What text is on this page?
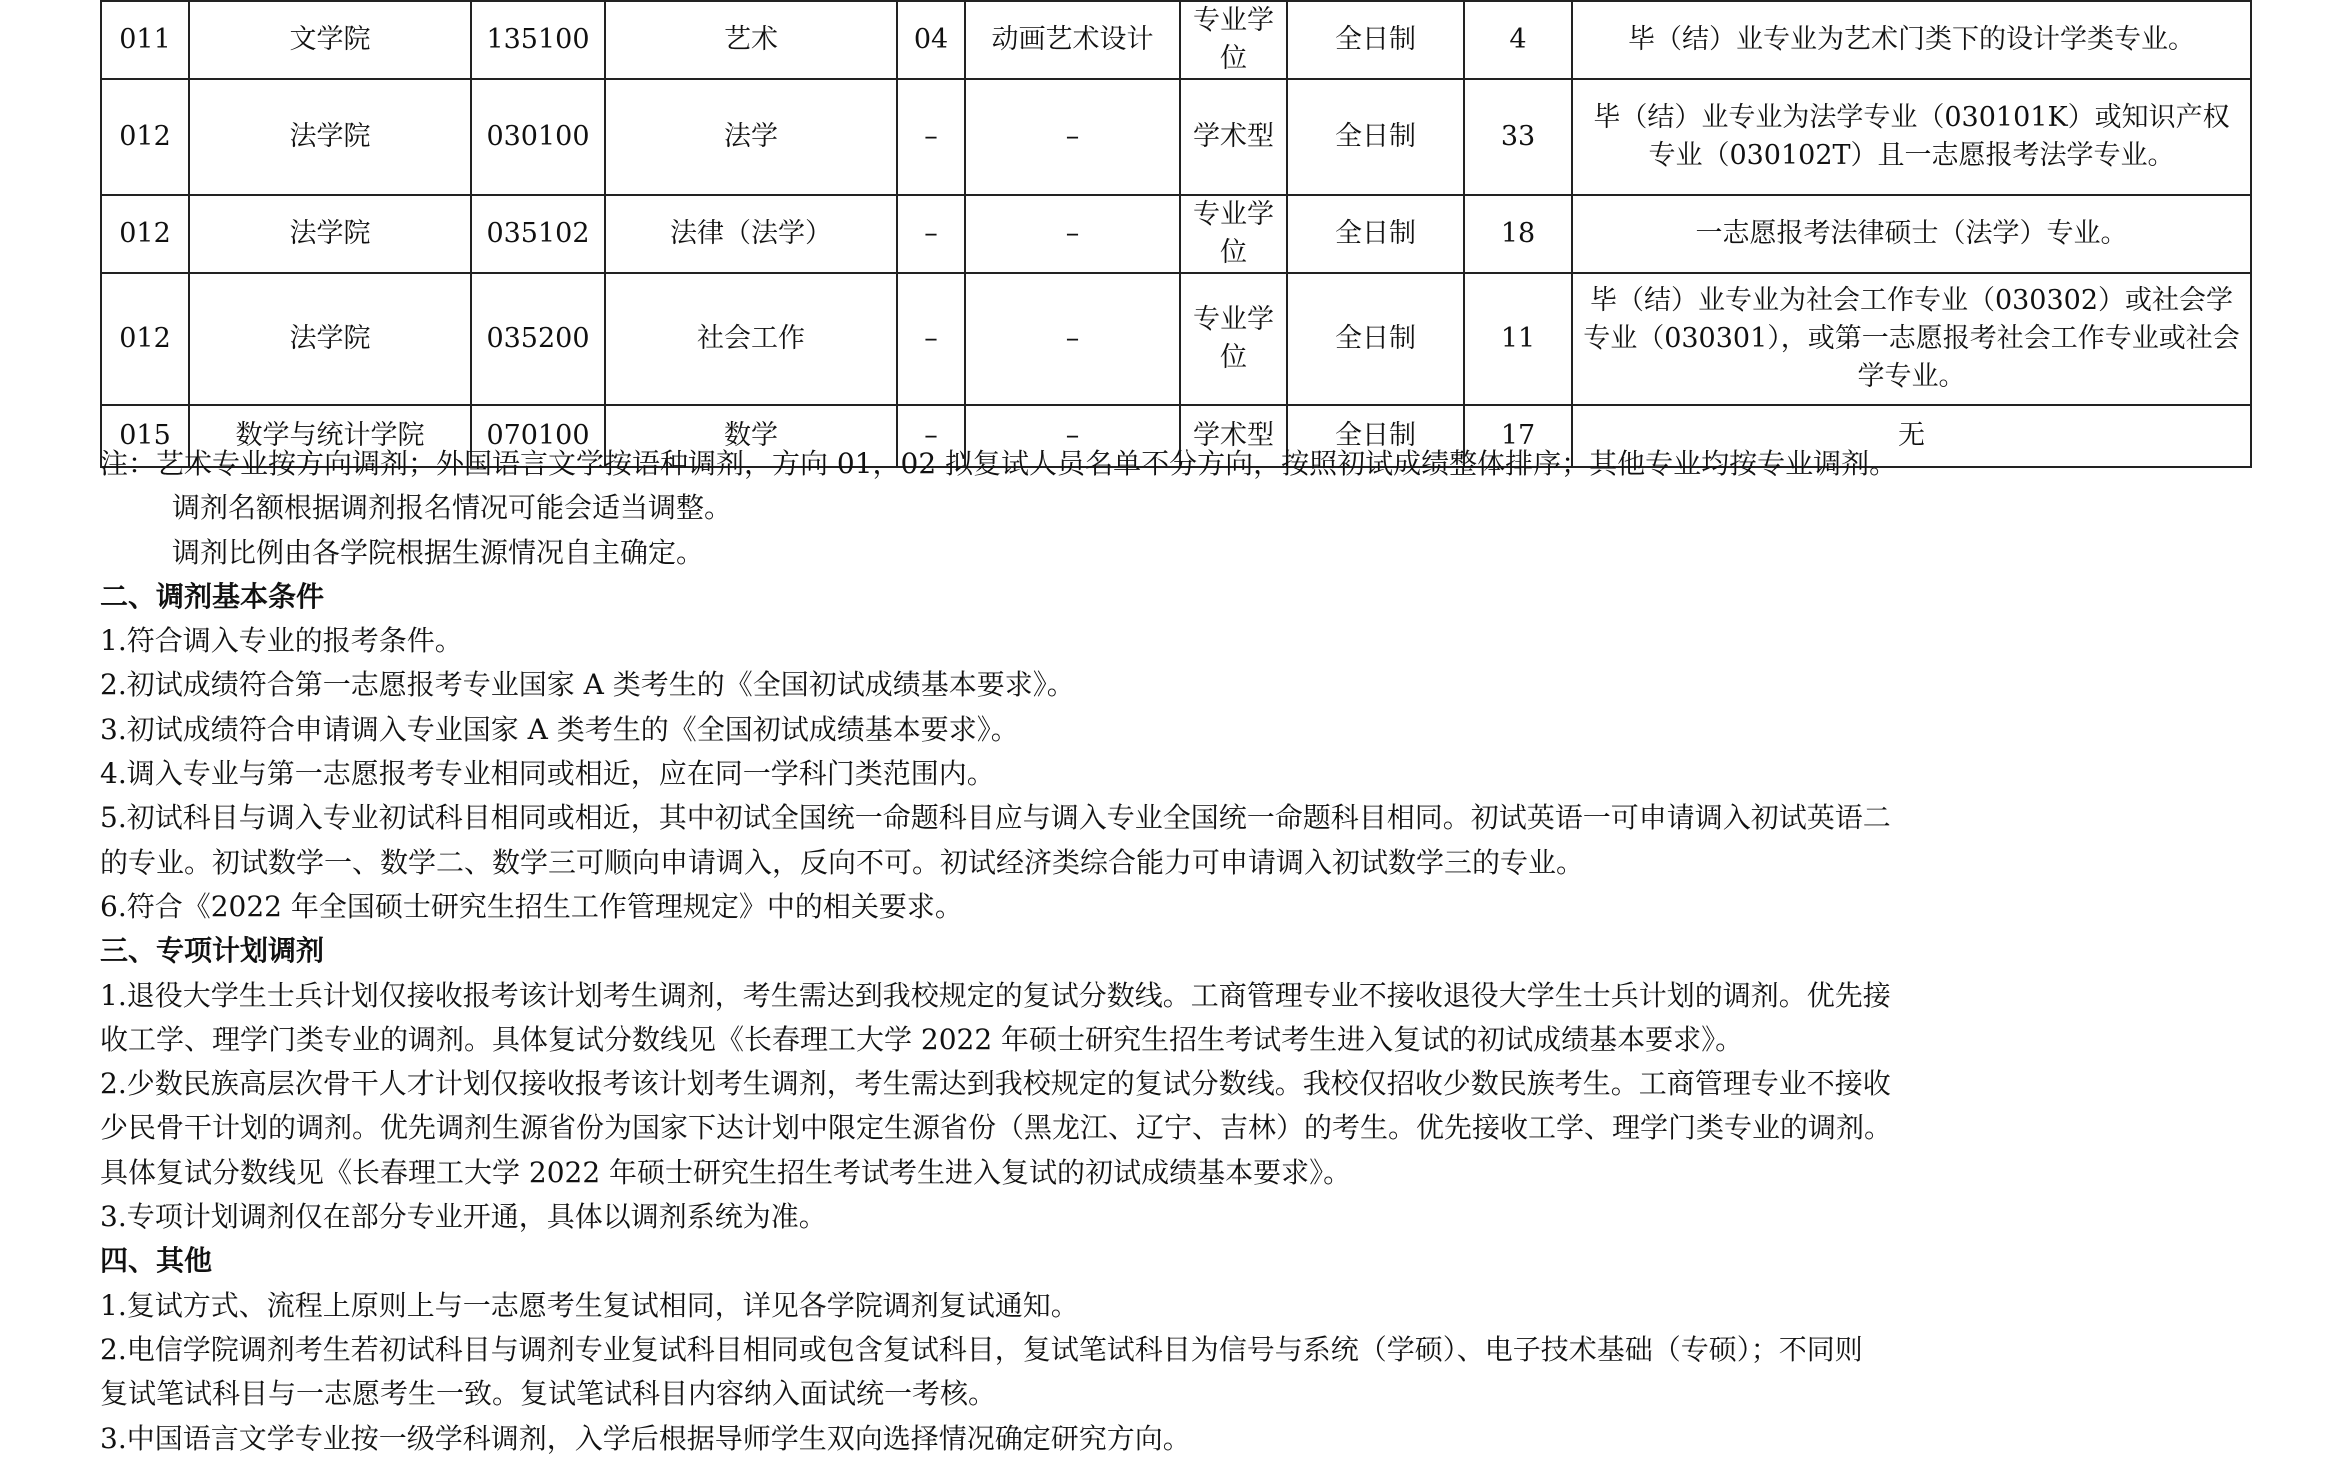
011	文学院	135100	艺术	04	动画艺术设计	专业学位	全日制	4	毕（结）业专业为艺术门类下的设计学类专业。
012	法学院	030100	法学	–	–	学术型	全日制	33	毕（结）业专业为法学专业（030101K）或知识产权专业（030102T）且一志愿报考法学专业。
012	法学院	035102	法律（法学）	–	–	专业学位	全日制	18	一志愿报考法律硕士（法学）专业。
012	法学院	035200	社会工作	–	–	专业学位	全日制	11	毕（结）业专业为社会工作专业（030302）或社会学专业（030301），或第一志愿报考社会工作专业或社会学专业。
015	数学与统计学院	070100	数学	–	–	学术型	全日制	17	无
注：艺术专业按方向调剂；外国语言文学按语种调剂，方向 01，02 拟复试人员名单不分方向，按照初试成绩整体排序；其他专业均按专业调剂。
调剂名额根据调剂报名情况可能会适当调整。
调剂比例由各学院根据生源情况自主确定。
二、调剂基本条件
1.符合调入专业的报考条件。
2.初试成绩符合第一志愿报考专业国家 A 类考生的《全国初试成绩基本要求》。
3.初试成绩符合申请调入专业国家 A 类考生的《全国初试成绩基本要求》。
4.调入专业与第一志愿报考专业相同或相近，应在同一学科门类范围内。
5.初试科目与调入专业初试科目相同或相近，其中初试全国统一命题科目应与调入专业全国统一命题科目相同。初试英语一可申请调入初试英语二
的专业。初试数学一、数学二、数学三可顺向申请调入，反向不可。初试经济类综合能力可申请调入初试数学三的专业。
6.符合《2022 年全国硕士研究生招生工作管理规定》中的相关要求。
三、专项计划调剂
1.退役大学生士兵计划仅接收报考该计划考生调剂，考生需达到我校规定的复试分数线。工商管理专业不接收退役大学生士兵计划的调剂。优先接
收工学、理学门类专业的调剂。具体复试分数线见《长春理工大学 2022 年硕士研究生招生考试考生进入复试的初试成绩基本要求》。
2.少数民族高层次骨干人才计划仅接收报考该计划考生调剂，考生需达到我校规定的复试分数线。我校仅招收少数民族考生。工商管理专业不接收
少民骨干计划的调剂。优先调剂生源省份为国家下达计划中限定生源省份（黑龙江、辽宁、吉林）的考生。优先接收工学、理学门类专业的调剂。
具体复试分数线见《长春理工大学 2022 年硕士研究生招生考试考生进入复试的初试成绩基本要求》。
3.专项计划调剂仅在部分专业开通，具体以调剂系统为准。
四、其他
1.复试方式、流程上原则上与一志愿考生复试相同，详见各学院调剂复试通知。
2.电信学院调剂考生若初试科目与调剂专业复试科目相同或包含复试科目，复试笔试科目为信号与系统（学硕）、电子技术基础（专硕）；不同则
复试笔试科目与一志愿考生一致。复试笔试科目内容纳入面试统一考核。
3.中国语言文学专业按一级学科调剂，入学后根据导师学生双向选择情况确定研究方向。
